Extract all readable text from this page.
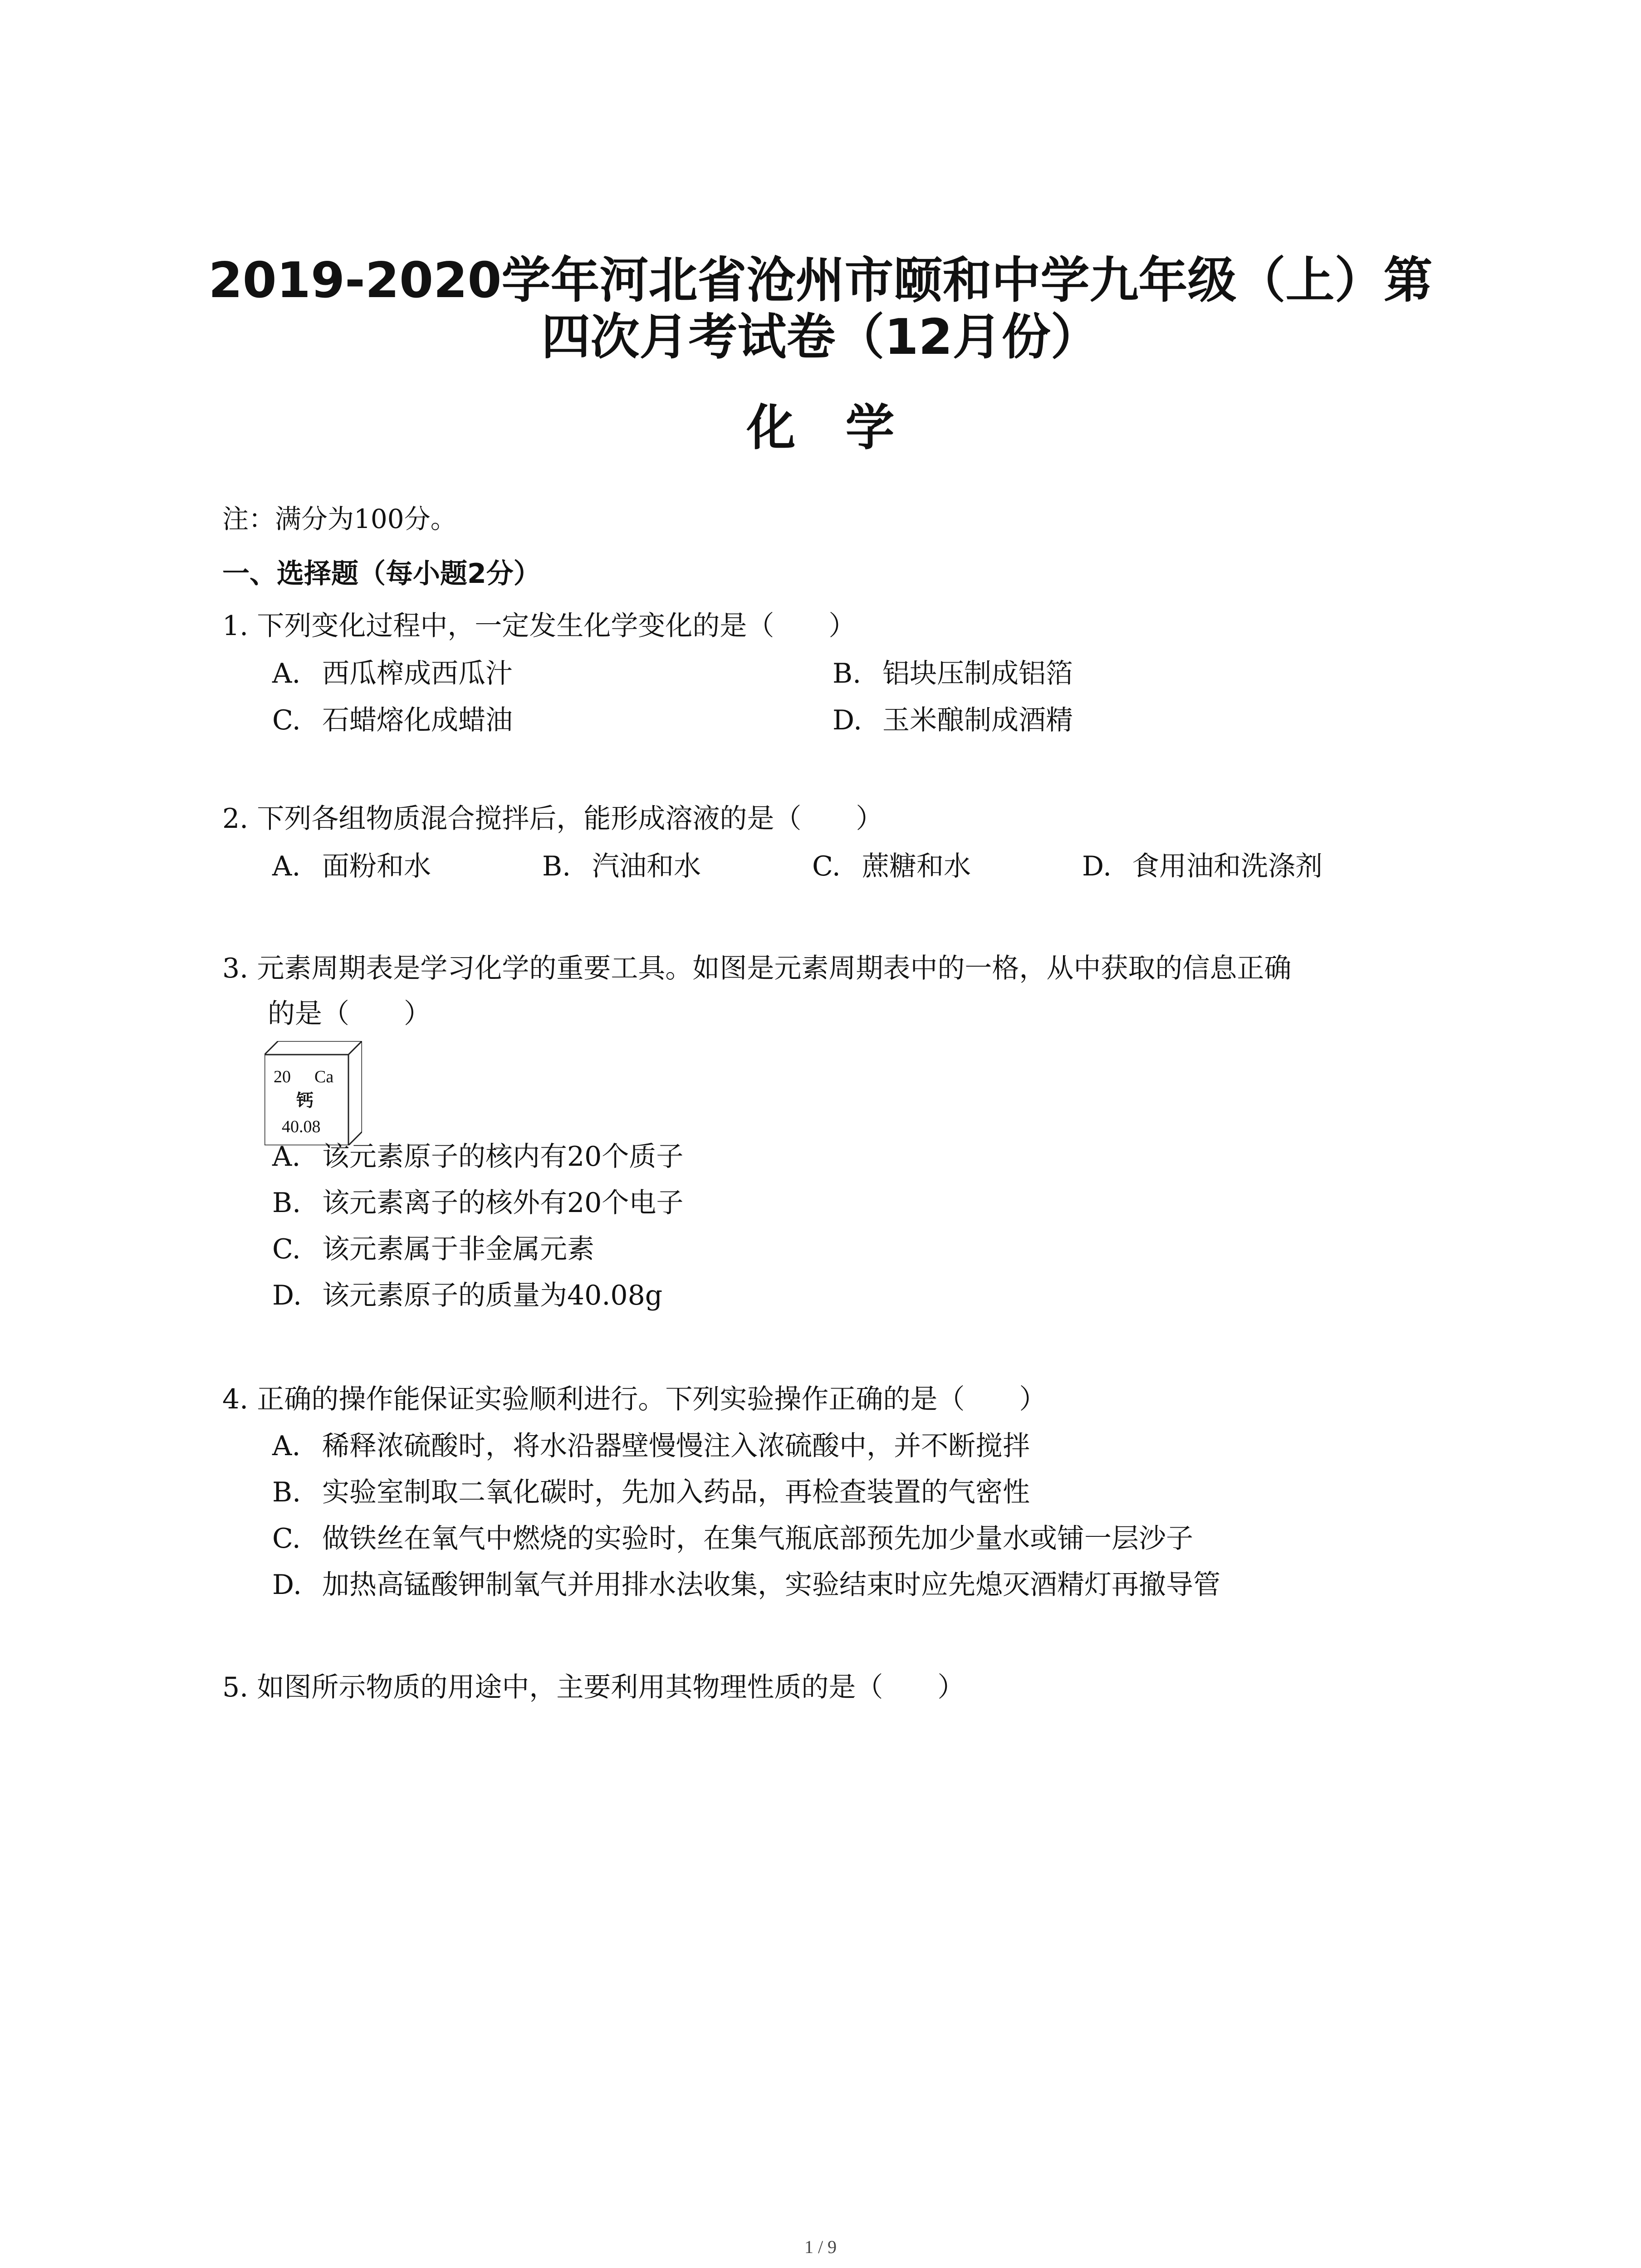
2019-2020学年河北省沧州市颐和中学九年级（上）第
四次月考试卷（12月份）
化学
注：满分为100分。
一、选择题（每小题2分）
1. 下列变化过程中，一定发生化学变化的是（　　）
A. 西瓜榨成西瓜汁	B. 铝块压制成铝箔
C. 石蜡熔化成蜡油	D. 玉米酿制成酒精
2. 下列各组物质混合搅拌后，能形成溶液的是（　　）
A. 面粉和水	B. 汽油和水	C. 蔗糖和水	D. 食用油和洗涤剂
3. 元素周期表是学习化学的重要工具。如图是元素周期表中的一格，从中获取的信息正确
的是（　　）
20 Ca
钙
40.08
A. 该元素原子的核内有20个质子
B. 该元素离子的核外有20个电子
C. 该元素属于非金属元素
D. 该元素原子的质量为40.08g
4. 正确的操作能保证实验顺利进行。下列实验操作正确的是（　　）
A. 稀释浓硫酸时，将水沿器壁慢慢注入浓硫酸中，并不断搅拌
B. 实验室制取二氧化碳时，先加入药品，再检查装置的气密性
C. 做铁丝在氧气中燃烧的实验时，在集气瓶底部预先加少量水或铺一层沙子
D. 加热高锰酸钾制氧气并用排水法收集，实验结束时应先熄灭酒精灯再撤导管
5. 如图所示物质的用途中，主要利用其物理性质的是（　　）
1 / 9
